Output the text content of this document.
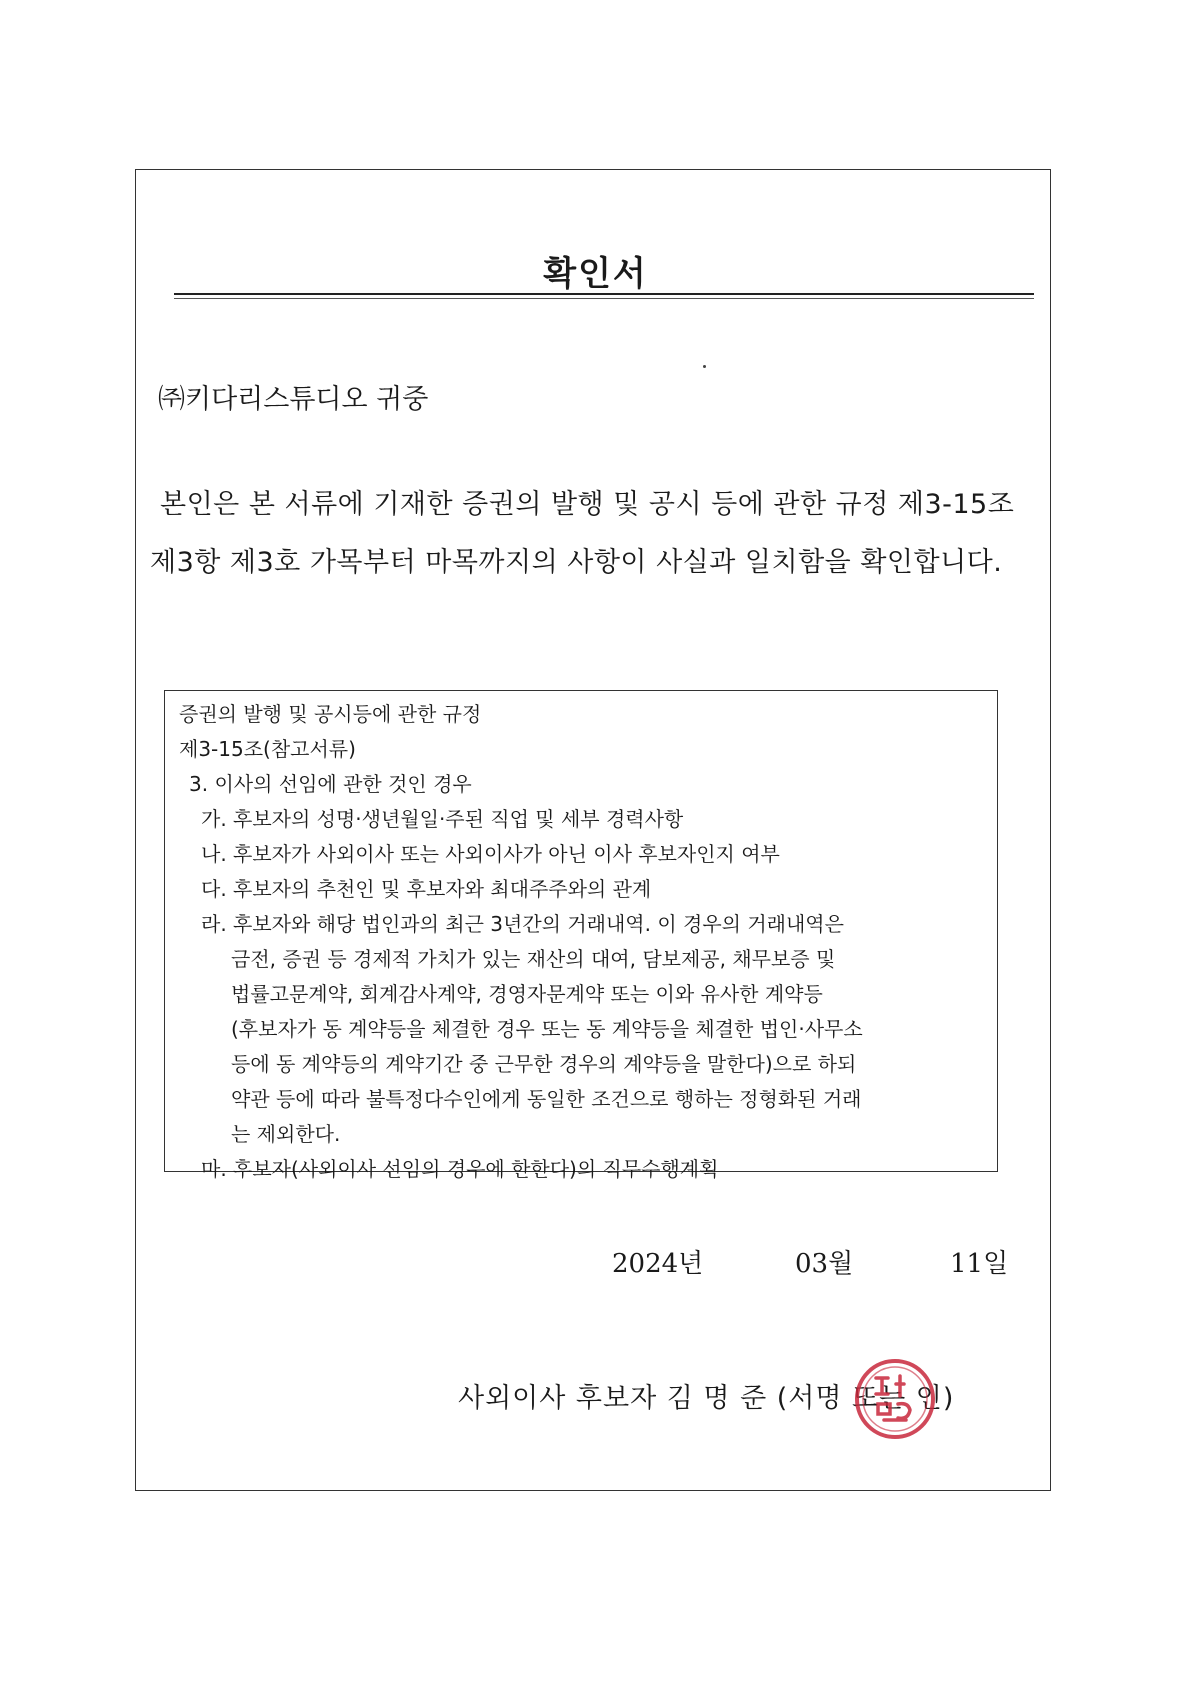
확인서
㈜키다리스튜디오 귀중
본인은 본 서류에 기재한 증권의 발행 및 공시 등에 관한 규정 제3-15조
제3항 제3호 가목부터 마목까지의 사항이 사실과 일치함을 확인합니다.
증권의 발행 및 공시등에 관한 규정
제3-15조(참고서류)
3. 이사의 선임에 관한 것인 경우
가. 후보자의 성명·생년월일·주된 직업 및 세부 경력사항
나. 후보자가 사외이사 또는 사외이사가 아닌 이사 후보자인지 여부
다. 후보자의 추천인 및 후보자와 최대주주와의 관계
라. 후보자와 해당 법인과의 최근 3년간의 거래내역. 이 경우의 거래내역은
금전, 증권 등 경제적 가치가 있는 재산의 대여, 담보제공, 채무보증 및
법률고문계약, 회계감사계약, 경영자문계약 또는 이와 유사한 계약등
(후보자가 동 계약등을 체결한 경우 또는 동 계약등을 체결한 법인·사무소
등에 동 계약등의 계약기간 중 근무한 경우의 계약등을 말한다)으로 하되
약관 등에 따라 불특정다수인에게 동일한 조건으로 행하는 정형화된 거래
는 제외한다.
마. 후보자(사외이사 선임의 경우에 한한다)의 직무수행계획
2024년	03월	11일
사외이사 후보자 김 명 준 (서명 또는 인)
